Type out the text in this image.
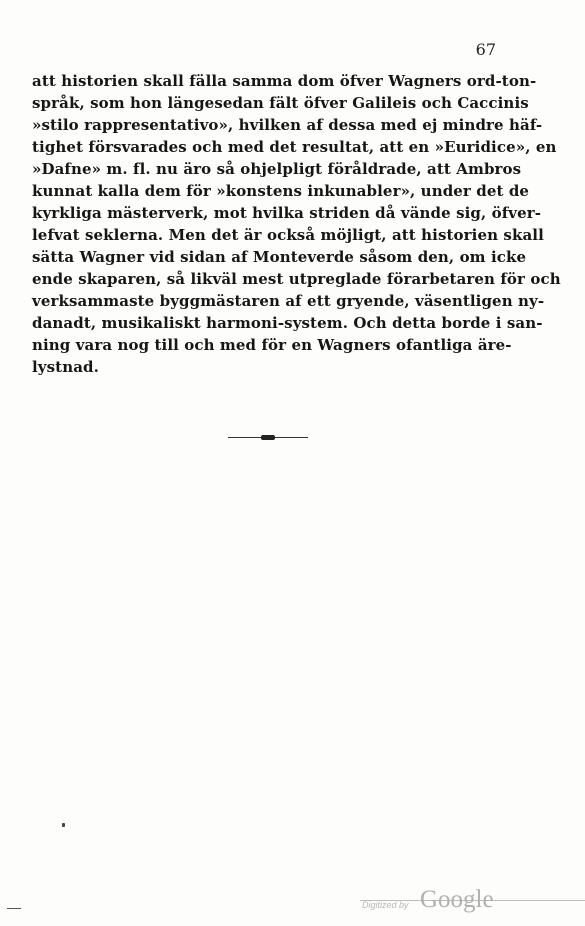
67
att historien skall fälla samma dom öfver Wagners ord-ton-
språk, som hon längesedan fält öfver Galileis och Caccinis
»stilo rappresentativo», hvilken af dessa med ej mindre häf-
tighet försvarades och med det resultat, att en »Euridice», en
»Dafne» m. fl. nu äro så ohjelpligt föråldrade, att Ambros
kunnat kalla dem för »konstens inkunabler», under det de
kyrkliga mästerverk, mot hvilka striden då vände sig, öfver-
lefvat seklerna. Men det är också möjligt, att historien skall
sätta Wagner vid sidan af Monteverde såsom den, om icke
ende skaparen, så likväl mest utpreglade förarbetaren för och
verksammaste byggmästaren af ett gryende, väsentligen ny-
danadt, musikaliskt harmoni-system. Och detta borde i san-
ning vara nog till och med för en Wagners ofantliga äre-
lystnad.
Digitized by Google
